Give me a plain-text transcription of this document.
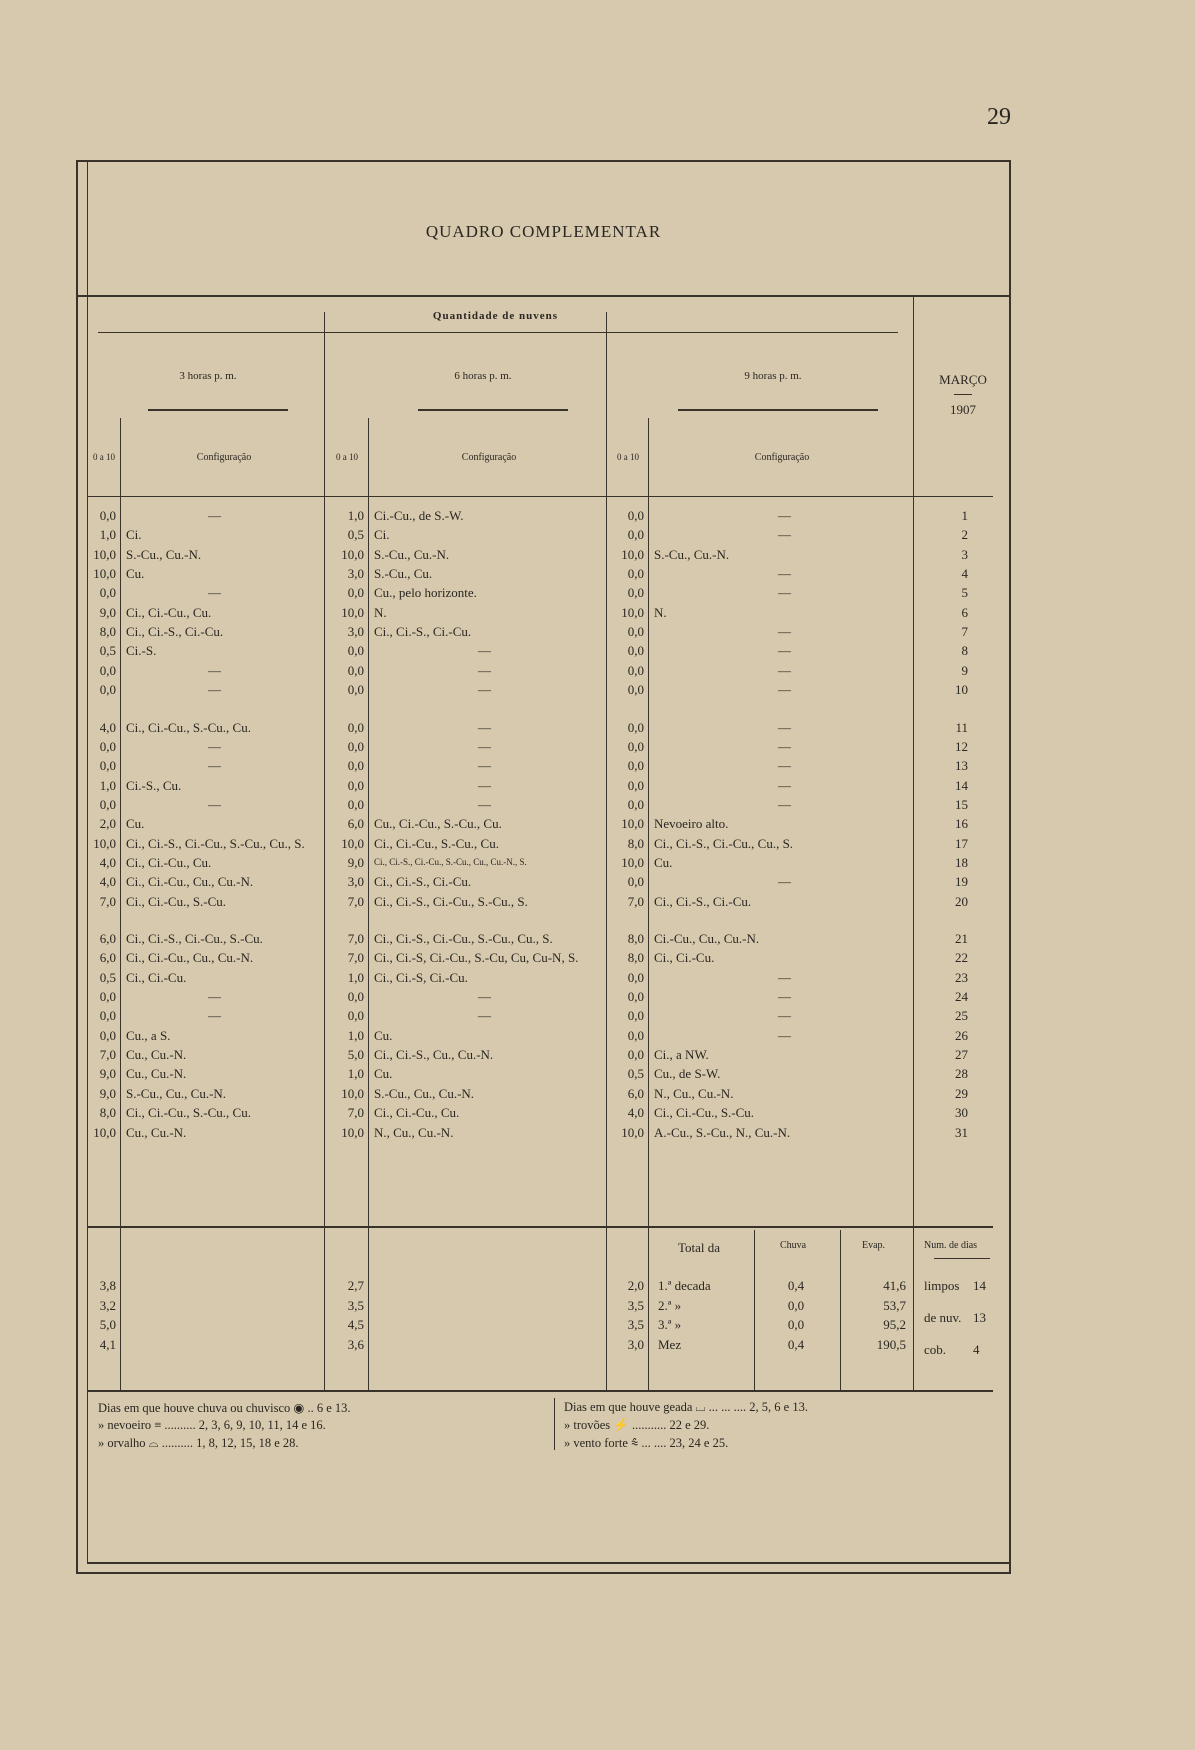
29
QUADRO COMPLEMENTAR
Quantidade de nuvens
3 horas p. m.	6 horas p. m.	9 horas p. m.	MARÇO
1907
0 a 10	Configuração	0 a 10	Configuração	0 a 10	Configuração
0,0	—	1,0 Ci.-Cu., de S.-W.	0,0	—	1
1,0 Ci.	0,5 Ci.	0,0	—	2
10,0 S.-Cu., Cu.-N.	10,0 S.-Cu., Cu.-N.	10,0 S.-Cu., Cu.-N.	3
10,0 Cu.	3,0 S.-Cu., Cu.	0,0	—	4
0,0	—	0,0 Cu., pelo horizonte.	0,0	—	5
9,0 Ci., Ci.-Cu., Cu.	10,0 N.	10,0 N.	6
8,0 Ci., Ci.-S., Ci.-Cu.	3,0 Ci., Ci.-S., Ci.-Cu.	0,0	—	7
0,5 Ci.-S.	0,0	—	0,0	—	8
0,0	—	0,0	—	0,0	—	9
0,0	—	0,0	—	0,0	—	10
4,0 Ci., Ci.-Cu., S.-Cu., Cu.	0,0	—	0,0	—	11
0,0	—	0,0	—	0,0	—	12
0,0	—	0,0	—	0,0	—	13
1,0 Ci.-S., Cu.	0,0	—	0,0	—	14
0,0	—	0,0	—	0,0	—	15
2,0 Cu.	6,0 Cu., Ci.-Cu., S.-Cu., Cu.	10,0 Nevoeiro alto.	16
10,0 Ci., Ci.-S., Ci.-Cu., S.-Cu., Cu., S.	10,0 Ci., Ci.-Cu., S.-Cu., Cu.	8,0 Ci., Ci.-S., Ci.-Cu., Cu., S.	17
4,0 Ci., Ci.-Cu., Cu.	9,0 Ci., Ci.-S., Ci.-Cu., S.-Cu., Cu., Cu.-N., S.	10,0 Cu.	18
4,0 Ci., Ci.-Cu., Cu., Cu.-N.	3,0 Ci., Ci.-S., Ci.-Cu.	0,0	—	19
7,0 Ci., Ci.-Cu., S.-Cu.	7,0 Ci., Ci.-S., Ci.-Cu., S.-Cu., S.	7,0 Ci., Ci.-S., Ci.-Cu.	20
6,0 Ci., Ci.-S., Ci.-Cu., S.-Cu.	7,0 Ci., Ci.-S., Ci.-Cu., S.-Cu., Cu., S.	8,0 Ci.-Cu., Cu., Cu.-N.	21
6,0 Ci., Ci.-Cu., Cu., Cu.-N.	7,0 Ci., Ci.-S, Ci.-Cu., S.-Cu, Cu, Cu-N, S.	8,0 Ci., Ci.-Cu.	22
0,5 Ci., Ci.-Cu.	1,0 Ci., Ci.-S, Ci.-Cu.	0,0	—	23
0,0	—	0,0	—	0,0	—	24
0,0	—	0,0	—	0,0	—	25
0,0 Cu., a S.	1,0 Cu.	0,0	—	26
7,0 Cu., Cu.-N.	5,0 Ci., Ci.-S., Cu., Cu.-N.	0,0 Ci., a NW.	27
9,0 Cu., Cu.-N.	1,0 Cu.	0,5 Cu., de S-W.	28
9,0 S.-Cu., Cu., Cu.-N.	10,0 S.-Cu., Cu., Cu.-N.	6,0 N., Cu., Cu.-N.	29
8,0 Ci., Ci.-Cu., S.-Cu., Cu.	7,0 Ci., Ci.-Cu., Cu.	4,0 Ci., Ci.-Cu., S.-Cu.	30
10,0 Cu., Cu.-N.	10,0 N., Cu., Cu.-N.	10,0 A.-Cu., S.-Cu., N., Cu.-N.	31
Total da	Chuva	Evap.	Num. de dias
3,8	2,7	2,0 1.ª decada	0,4	41,6
3,2	3,5	3,5 2.ª »	0,0	53,7
5,0	4,5	3,5 3.ª »	0,0	95,2
4,1	3,6	3,0 Mez	0,4	190,5
limpos 14
de nuv. 13
cob. 4
Dias em que houve chuva ou chuvisco ◉ .. 6 e 13.
» nevoeiro ≡ .......... 2, 3, 6, 9, 10, 11, 14 e 16.
» orvalho ⌓ .......... 1, 8, 12, 15, 18 e 28.
Dias em que houve geada ⌴ ... ... .... 2, 5, 6 e 13.
» trovões ⚡ ........... 22 e 29.
» vento forte ⩯ ... .... 23, 24 e 25.
